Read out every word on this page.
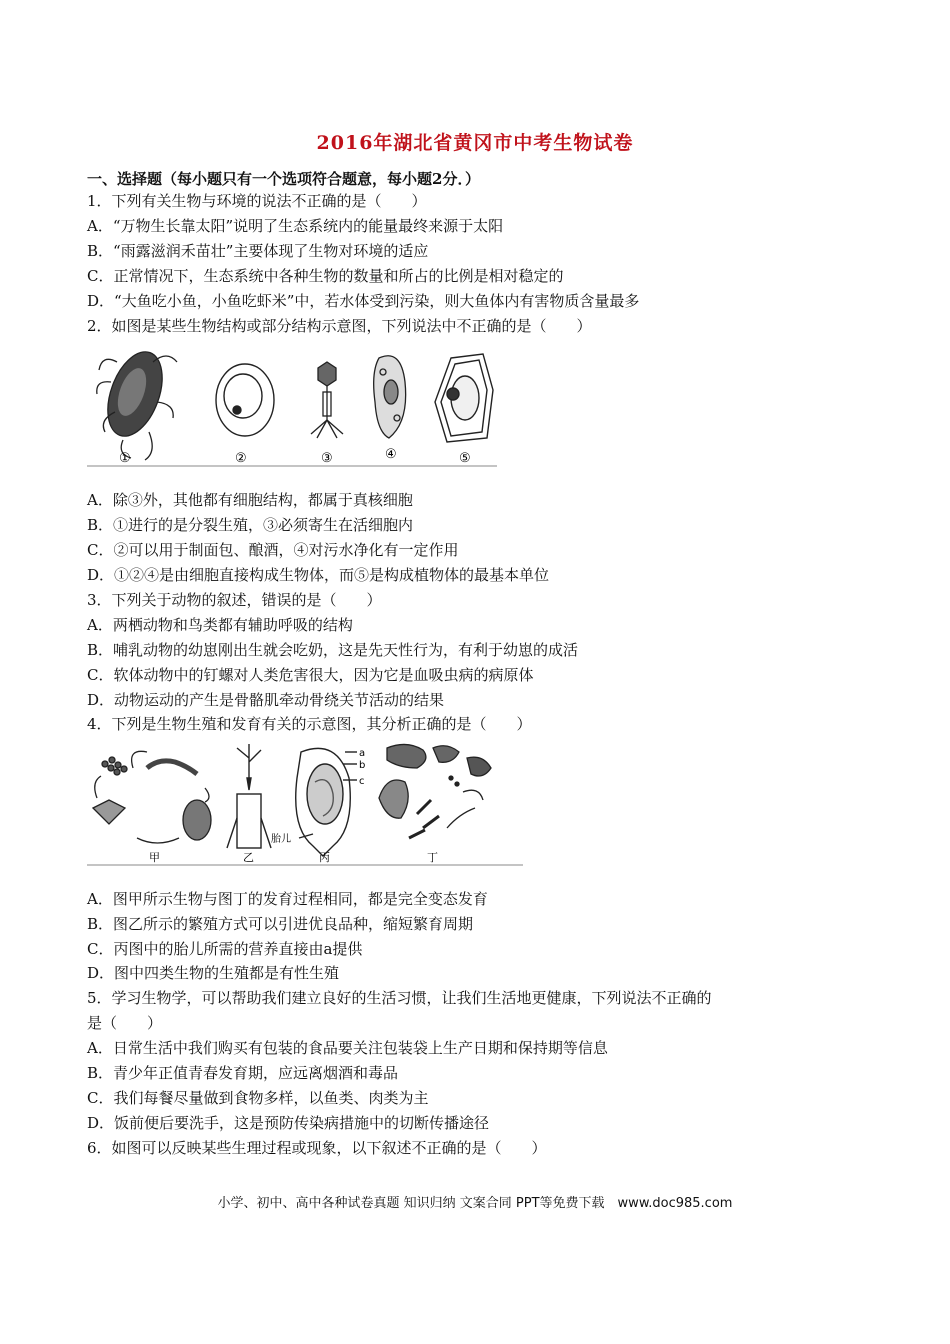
2016年湖北省黄冈市中考生物试卷
一、选择题（每小题只有一个选项符合题意，每小题2分．）
1．下列有关生物与环境的说法不正确的是（　　）
A．“万物生长靠太阳”说明了生态系统内的能量最终来源于太阳
B．“雨露滋润禾苗壮”主要体现了生物对环境的适应
C．正常情况下，生态系统中各种生物的数量和所占的比例是相对稳定的
D．“大鱼吃小鱼，小鱼吃虾米”中，若水体受到污染，则大鱼体内有害物质含量最多
2．如图是某些生物结构或部分结构示意图，下列说法中不正确的是（　　）
①	②	③	④	⑤
A．除③外，其他都有细胞结构，都属于真核细胞
B．①进行的是分裂生殖，③必须寄生在活细胞内
C．②可以用于制面包、酿酒，④对污水净化有一定作用
D．①②④是由细胞直接构成生物体，而⑤是构成植物体的最基本单位
3．下列关于动物的叙述，错误的是（　　）
A．两栖动物和鸟类都有辅助呼吸的结构
B．哺乳动物的幼崽刚出生就会吃奶，这是先天性行为，有利于幼崽的成活
C．软体动物中的钉螺对人类危害很大，因为它是血吸虫病的病原体
D．动物运动的产生是骨骼肌牵动骨绕关节活动的结果
4．下列是生物生殖和发育有关的示意图，其分析正确的是（　　）
a
b
c
胎儿
甲	乙	丙	丁
A．图甲所示生物与图丁的发育过程相同，都是完全变态发育
B．图乙所示的繁殖方式可以引进优良品种，缩短繁育周期
C．丙图中的胎儿所需的营养直接由a提供
D．图中四类生物的生殖都是有性生殖
5．学习生物学，可以帮助我们建立良好的生活习惯，让我们生活地更健康，下列说法不正确的
是（　　）
A．日常生活中我们购买有包装的食品要关注包装袋上生产日期和保持期等信息
B．青少年正值青春发育期，应远离烟酒和毒品
C．我们每餐尽量做到食物多样，以鱼类、肉类为主
D．饭前便后要洗手，这是预防传染病措施中的切断传播途径
6．如图可以反映某些生理过程或现象，以下叙述不正确的是（　　）
小学、初中、高中各种试卷真题 知识归纳 文案合同 PPT等免费下载　www.doc985.com
